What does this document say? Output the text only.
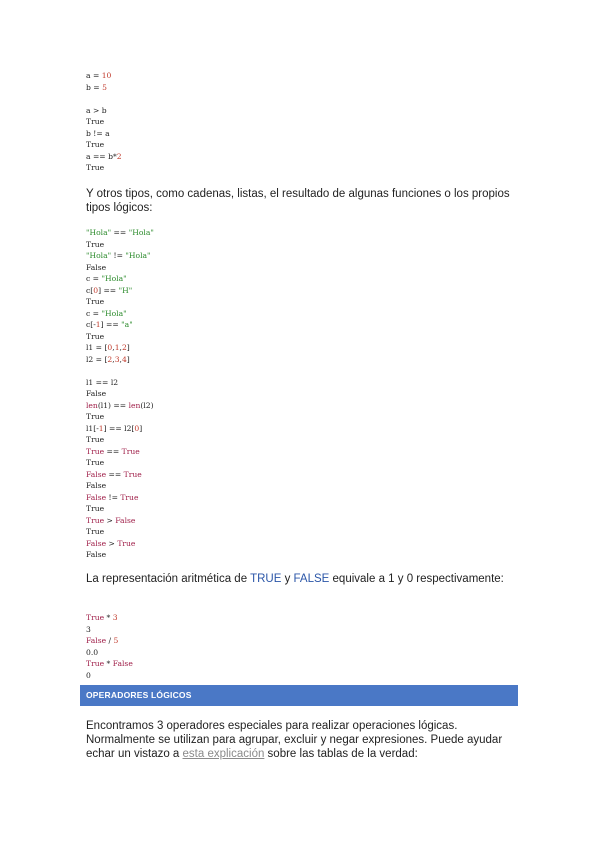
a = 10
b = 5
a > b
True
b != a
True
a == b*2
True

Y otros tipos, como cadenas, listas, el resultado de algunas funciones o los propios tipos lógicos:

"Hola" == "Hola"
True
"Hola" != "Hola"
False
c = "Hola"
c[0] == "H"
True
c = "Hola"
c[-1] == "a"
True
l1 = [0,1,2]
l2 = [2,3,4]
l1 == l2
False
len(l1) == len(l2)
True
l1[-1] == l2[0]
True
True == True
True
False == True
False
False != True
True
True > False
True
False > True
False

La representación aritmética de TRUE y FALSE equivale a 1 y 0 respectivamente:

True * 3
3
False / 5
0.0
True * False
0
OPERADORES LÓGICOS

Encontramos 3 operadores especiales para realizar operaciones lógicas. Normalmente se utilizan para agrupar, excluir y negar expresiones. Puede ayudar echar un vistazo a esta explicación sobre las tablas de la verdad:
